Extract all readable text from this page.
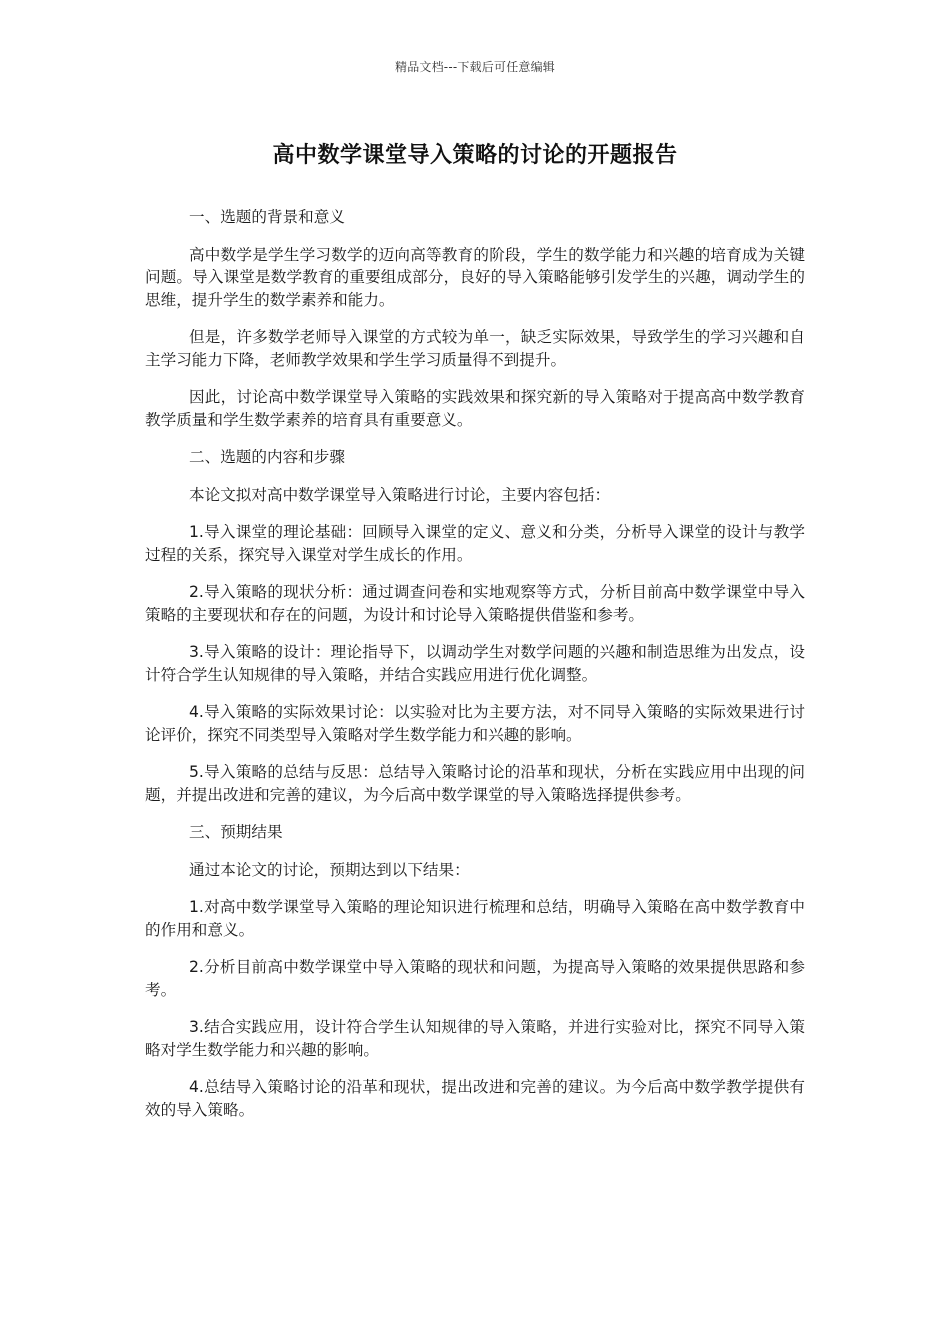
精品文档---下载后可任意编辑
高中数学课堂导入策略的讨论的开题报告

一、选题的背景和意义

高中数学是学生学习数学的迈向高等教育的阶段，学生的数学能力和兴趣的培育成为关键问题。导入课堂是数学教育的重要组成部分，良好的导入策略能够引发学生的兴趣，调动学生的思维，提升学生的数学素养和能力。

但是，许多数学老师导入课堂的方式较为单一，缺乏实际效果，导致学生的学习兴趣和自主学习能力下降，老师教学效果和学生学习质量得不到提升。

因此，讨论高中数学课堂导入策略的实践效果和探究新的导入策略对于提高高中数学教育教学质量和学生数学素养的培育具有重要意义。

二、选题的内容和步骤

本论文拟对高中数学课堂导入策略进行讨论，主要内容包括：

1.导入课堂的理论基础：回顾导入课堂的定义、意义和分类，分析导入课堂的设计与教学过程的关系，探究导入课堂对学生成长的作用。

2.导入策略的现状分析：通过调查问卷和实地观察等方式，分析目前高中数学课堂中导入策略的主要现状和存在的问题，为设计和讨论导入策略提供借鉴和参考。

3.导入策略的设计：理论指导下，以调动学生对数学问题的兴趣和制造思维为出发点，设计符合学生认知规律的导入策略，并结合实践应用进行优化调整。

4.导入策略的实际效果讨论：以实验对比为主要方法，对不同导入策略的实际效果进行讨论评价，探究不同类型导入策略对学生数学能力和兴趣的影响。

5.导入策略的总结与反思：总结导入策略讨论的沿革和现状，分析在实践应用中出现的问题，并提出改进和完善的建议，为今后高中数学课堂的导入策略选择提供参考。

三、预期结果

通过本论文的讨论，预期达到以下结果：

1.对高中数学课堂导入策略的理论知识进行梳理和总结，明确导入策略在高中数学教育中的作用和意义。

2.分析目前高中数学课堂中导入策略的现状和问题，为提高导入策略的效果提供思路和参考。

3.结合实践应用，设计符合学生认知规律的导入策略，并进行实验对比，探究不同导入策略对学生数学能力和兴趣的影响。

4.总结导入策略讨论的沿革和现状，提出改进和完善的建议。为今后高中数学教学提供有效的导入策略。
